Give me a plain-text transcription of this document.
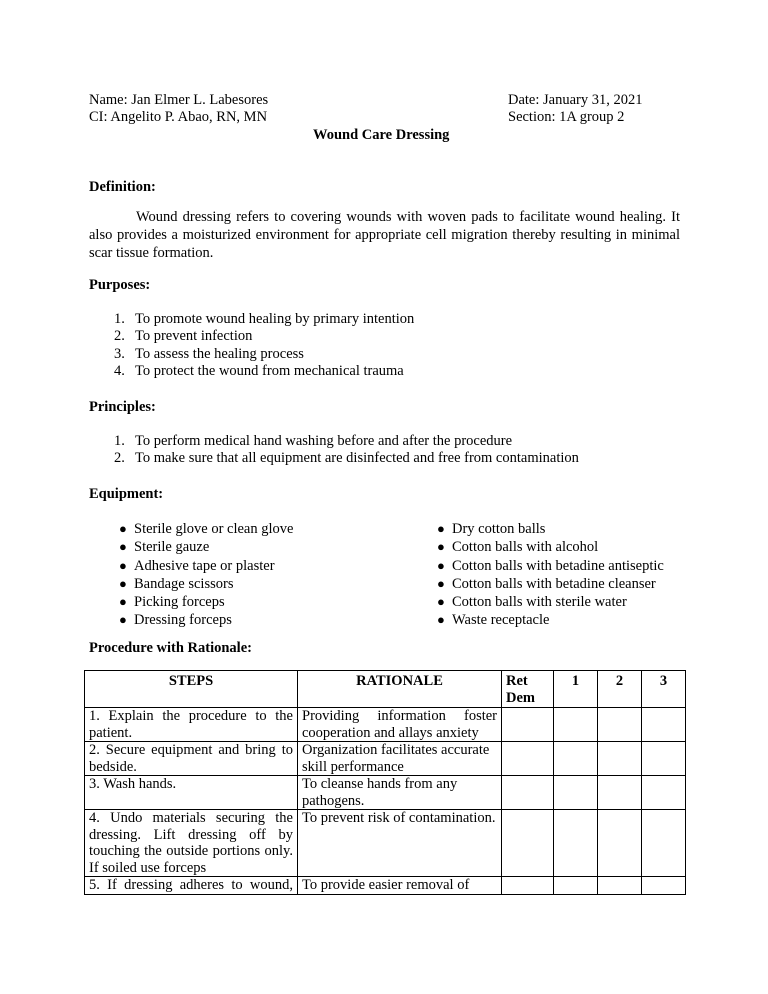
Name: Jan Elmer L. Labesores
CI: Angelito P. Abao, RN, MN
Date: January 31, 2021
Section: 1A group 2
Wound Care Dressing
Definition:
Wound dressing refers to covering wounds with woven pads to facilitate wound healing. It also provides a moisturized environment for appropriate cell migration thereby resulting in minimal scar tissue formation.
Purposes:
1. To promote wound healing by primary intention
2. To prevent infection
3. To assess the healing process
4. To protect the wound from mechanical trauma
Principles:
1. To perform medical hand washing before and after the procedure
2. To make sure that all equipment are disinfected and free from contamination
Equipment:
● Sterile glove or clean glove
● Sterile gauze
● Adhesive tape or plaster
● Bandage scissors
● Picking forceps
● Dressing forceps
● Dry cotton balls
● Cotton balls with alcohol
● Cotton balls with betadine antiseptic
● Cotton balls with betadine cleanser
● Cotton balls with sterile water
● Waste receptacle
Procedure with Rationale:
STEPS	RATIONALE	Ret Dem	1	2	3
1. Explain the procedure to the patient.	Providing information foster cooperation and allays anxiety				
2. Secure equipment and bring to bedside.	Organization facilitates accurate skill performance				
3. Wash hands.	To cleanse hands from any pathogens.				
4. Undo materials securing the dressing. Lift dressing off by touching the outside portions only. If soiled use forceps	To prevent risk of contamination.				
5. If dressing adheres to wound,	To provide easier removal of				
